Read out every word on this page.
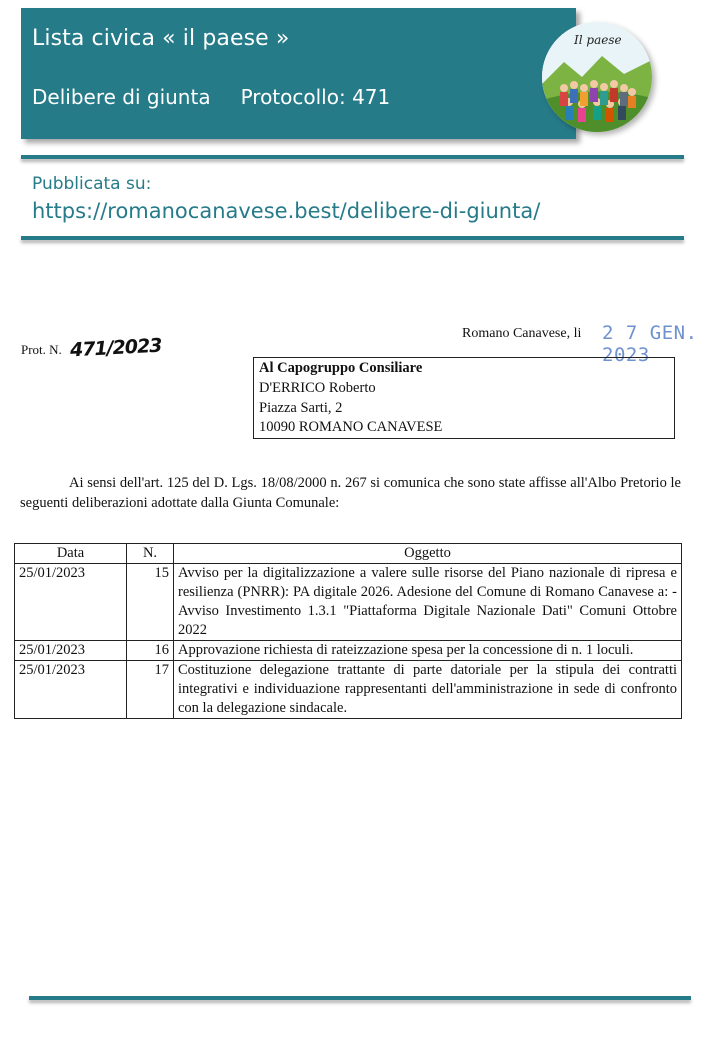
Lista civica « il paese »
Delibere di giunta Protocollo: 471
Il paese
Pubblicata su:
https://romanocanavese.best/delibere-di-giunta/
Prot. N. 471/2023
Romano Canavese, li 2 7 GEN. 2023
Al Capogruppo Consiliare
D'ERRICO Roberto
Piazza Sarti, 2
10090 ROMANO CANAVESE
Ai sensi dell'art. 125 del D. Lgs. 18/08/2000 n. 267 si comunica che sono state affisse all'Albo Pretorio le seguenti deliberazioni adottate dalla Giunta Comunale:
Data	N.	Oggetto
25/01/2023	15	Avviso per la digitalizzazione a valere sulle risorse del Piano nazionale di ripresa e resilienza (PNRR): PA digitale 2026. Adesione del Comune di Romano Canavese a: - Avviso Investimento 1.3.1 "Piattaforma Digitale Nazionale Dati" Comuni Ottobre 2022
25/01/2023	16	Approvazione richiesta di rateizzazione spesa per la concessione di n. 1 loculi.
25/01/2023	17	Costituzione delegazione trattante di parte datoriale per la stipula dei contratti integrativi e individuazione rappresentanti dell'amministrazione in sede di confronto con la delegazione sindacale.
